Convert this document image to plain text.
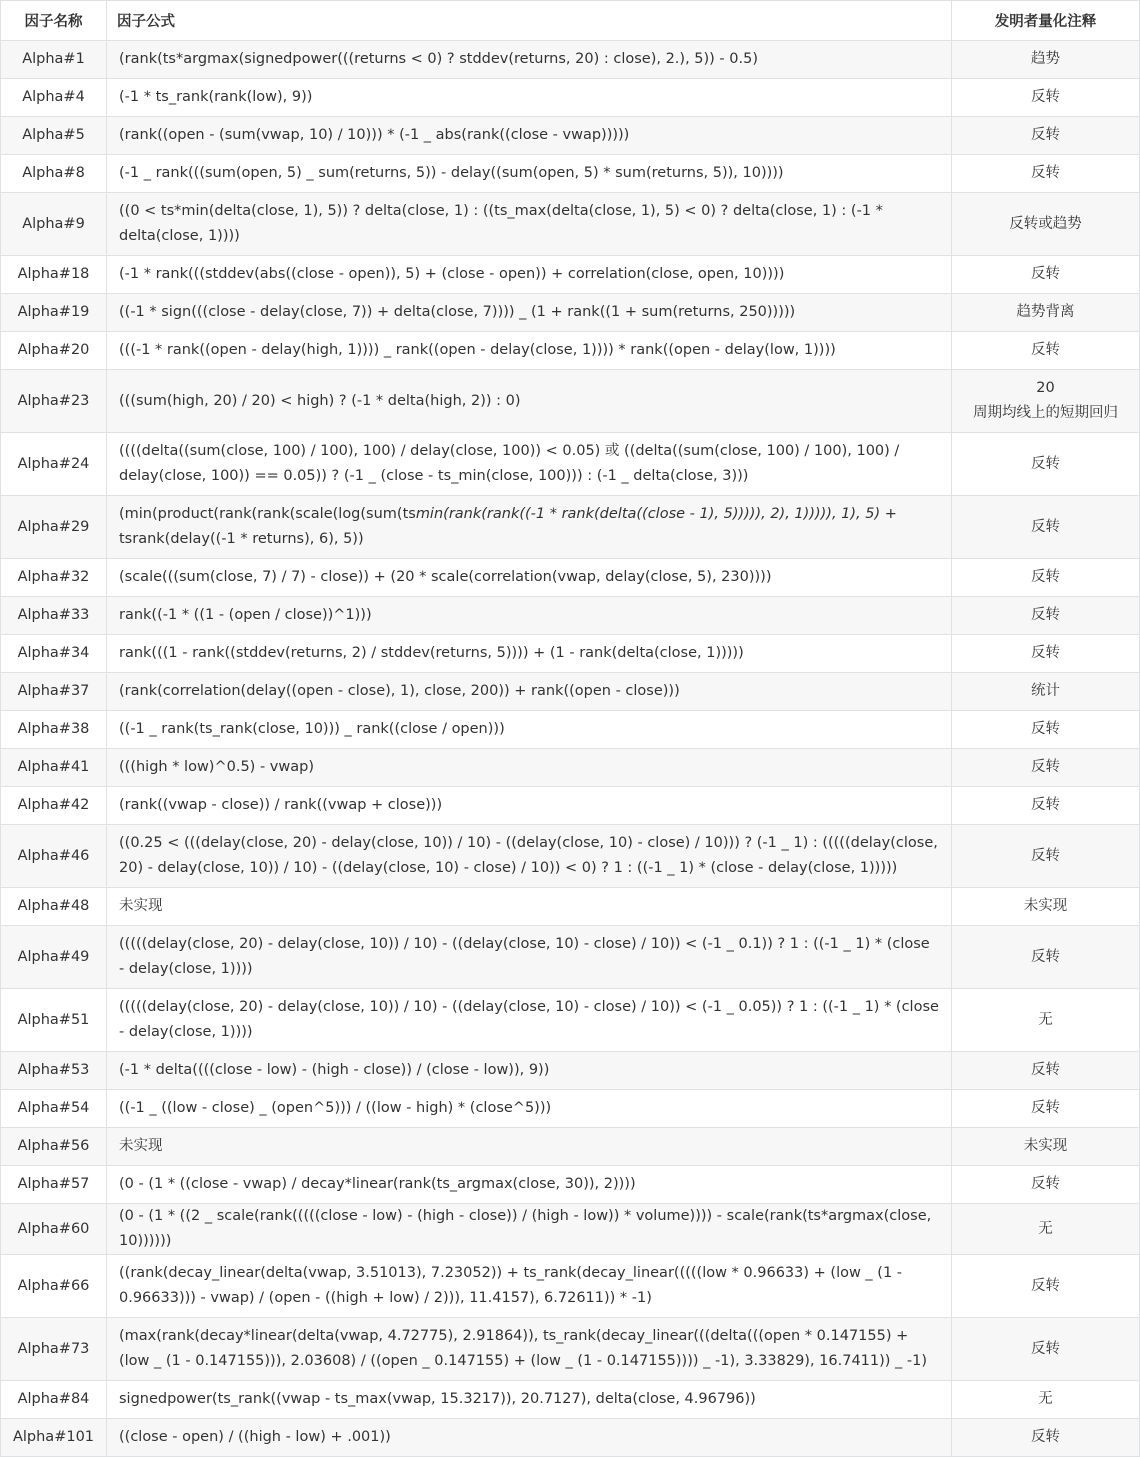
因子名称	因子公式	发明者量化注释
Alpha#1	(rank(ts*argmax(signedpower(((returns < 0) ? stddev(returns, 20) : close), 2.), 5)) - 0.5)	趋势
Alpha#4	(-1 * ts_rank(rank(low), 9))	反转
Alpha#5	(rank((open - (sum(vwap, 10) / 10))) * (-1 _ abs(rank((close - vwap)))))	反转
Alpha#8	(-1 _ rank(((sum(open, 5) _ sum(returns, 5)) - delay((sum(open, 5) * sum(returns, 5)), 10))))	反转
Alpha#9	((0 < ts*min(delta(close, 1), 5)) ? delta(close, 1) : ((ts_max(delta(close, 1), 5) < 0) ? delta(close, 1) : (-1 * delta(close, 1))))	反转或趋势
Alpha#18	(-1 * rank(((stddev(abs((close - open)), 5) + (close - open)) + correlation(close, open, 10))))	反转
Alpha#19	((-1 * sign(((close - delay(close, 7)) + delta(close, 7)))) _ (1 + rank((1 + sum(returns, 250)))))	趋势背离
Alpha#20	(((-1 * rank((open - delay(high, 1)))) _ rank((open - delay(close, 1)))) * rank((open - delay(low, 1))))	反转
Alpha#23	(((sum(high, 20) / 20) < high) ? (-1 * delta(high, 2)) : 0)	20
周期均线上的短期回归

Alpha#24	((((delta((sum(close, 100) / 100), 100) / delay(close, 100)) < 0.05) 或 ((delta((sum(close, 100) / 100), 100) / delay(close, 100)) == 0.05)) ? (-1 _ (close - ts_min(close, 100))) : (-1 _ delta(close, 3)))	反转
Alpha#29	(min(product(rank(rank(scale(log(sum(tsmin(rank(rank((-1 * rank(delta((close - 1), 5))))), 2), 1))))), 1), 5) + tsrank(delay((-1 * returns), 6), 5))	反转
Alpha#32	(scale(((sum(close, 7) / 7) - close)) + (20 * scale(correlation(vwap, delay(close, 5), 230))))	反转
Alpha#33	rank((-1 * ((1 - (open / close))^1)))	反转
Alpha#34	rank(((1 - rank((stddev(returns, 2) / stddev(returns, 5)))) + (1 - rank(delta(close, 1)))))	反转
Alpha#37	(rank(correlation(delay((open - close), 1), close, 200)) + rank((open - close)))	统计
Alpha#38	((-1 _ rank(ts_rank(close, 10))) _ rank((close / open)))	反转
Alpha#41	(((high * low)^0.5) - vwap)	反转
Alpha#42	(rank((vwap - close)) / rank((vwap + close)))	反转
Alpha#46	((0.25 < (((delay(close, 20) - delay(close, 10)) / 10) - ((delay(close, 10) - close) / 10))) ? (-1 _ 1) : (((((delay(close, 20) - delay(close, 10)) / 10) - ((delay(close, 10) - close) / 10)) < 0) ? 1 : ((-1 _ 1) * (close - delay(close, 1)))))	反转
Alpha#48	未实现	未实现
Alpha#49	(((((delay(close, 20) - delay(close, 10)) / 10) - ((delay(close, 10) - close) / 10)) < (-1 _ 0.1)) ? 1 : ((-1 _ 1) * (close - delay(close, 1))))	反转
Alpha#51	(((((delay(close, 20) - delay(close, 10)) / 10) - ((delay(close, 10) - close) / 10)) < (-1 _ 0.05)) ? 1 : ((-1 _ 1) * (close - delay(close, 1))))	无
Alpha#53	(-1 * delta((((close - low) - (high - close)) / (close - low)), 9))	反转
Alpha#54	((-1 _ ((low - close) _ (open^5))) / ((low - high) * (close^5)))	反转
Alpha#56	未实现	未实现
Alpha#57	(0 - (1 * ((close - vwap) / decay*linear(rank(ts_argmax(close, 30)), 2))))	反转
Alpha#60	(0 - (1 * ((2 _ scale(rank(((((close - low) - (high - close)) / (high - low)) * volume)))) - scale(rank(ts*argmax(close, 10))))))	无
Alpha#66	((rank(decay_linear(delta(vwap, 3.51013), 7.23052)) + ts_rank(decay_linear(((((low * 0.96633) + (low _ (1 - 0.96633))) - vwap) / (open - ((high + low) / 2))), 11.4157), 6.72611)) * -1)	反转
Alpha#73	(max(rank(decay*linear(delta(vwap, 4.72775), 2.91864)), ts_rank(decay_linear(((delta(((open * 0.147155) + (low _ (1 - 0.147155))), 2.03608) / ((open _ 0.147155) + (low _ (1 - 0.147155)))) _ -1), 3.33829), 16.7411)) _ -1)	反转
Alpha#84	signedpower(ts_rank((vwap - ts_max(vwap, 15.3217)), 20.7127), delta(close, 4.96796))	无
Alpha#101	((close - open) / ((high - low) + .001))	反转
